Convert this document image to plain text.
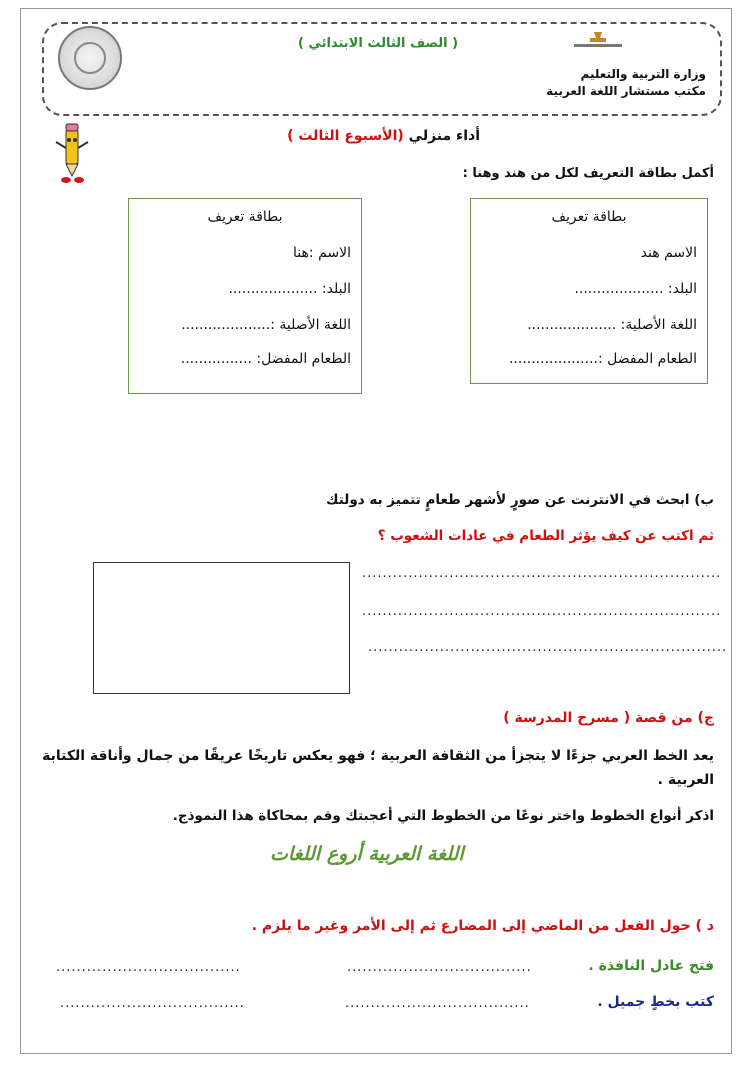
( الصف الثالث الابتدائي )
وزارة التربية والتعليم
مكتب مستشار اللغة العربية
أداء منزلي (الأسبوع الثالث )
أكمل بطاقة التعريف لكل من هند وهنا :
بطاقة تعريف
الاسم هند
البلد: ....................
اللغة الأصلية: ....................
الطعام المفضل :....................
بطاقة تعريف
الاسم :هنا
البلد: ....................
اللغة الأصلية :....................
الطعام المفضل: ................
ب) ابحث في الانترنت عن صورٍ لأشهر طعامٍ تتميز به دولتك
ثم اكتب عن كيف يؤثر الطعام في عادات الشعوب ؟
......................................................................
......................................................................
......................................................................
ج) من قصة ( مسرح المدرسة )
يعد الخط العربي جزءًا لا يتجزأ من الثقافة العربية ؛ فهو يعكس تاريخًا عريقًا من جمال وأناقة الكتابة العربية .
اذكر أنواع الخطوط واختر نوعًا من الخطوط التي أعجبتك وقم بمحاكاة هذا النموذج.
اللغة العربية أروع اللغات
د ) حول الفعل من الماضي إلى المضارع ثم إلى الأمر وغير ما يلزم .
فتح عادل النافذة .
....................................
....................................
كتب بخطٍ جميل .
....................................
....................................
